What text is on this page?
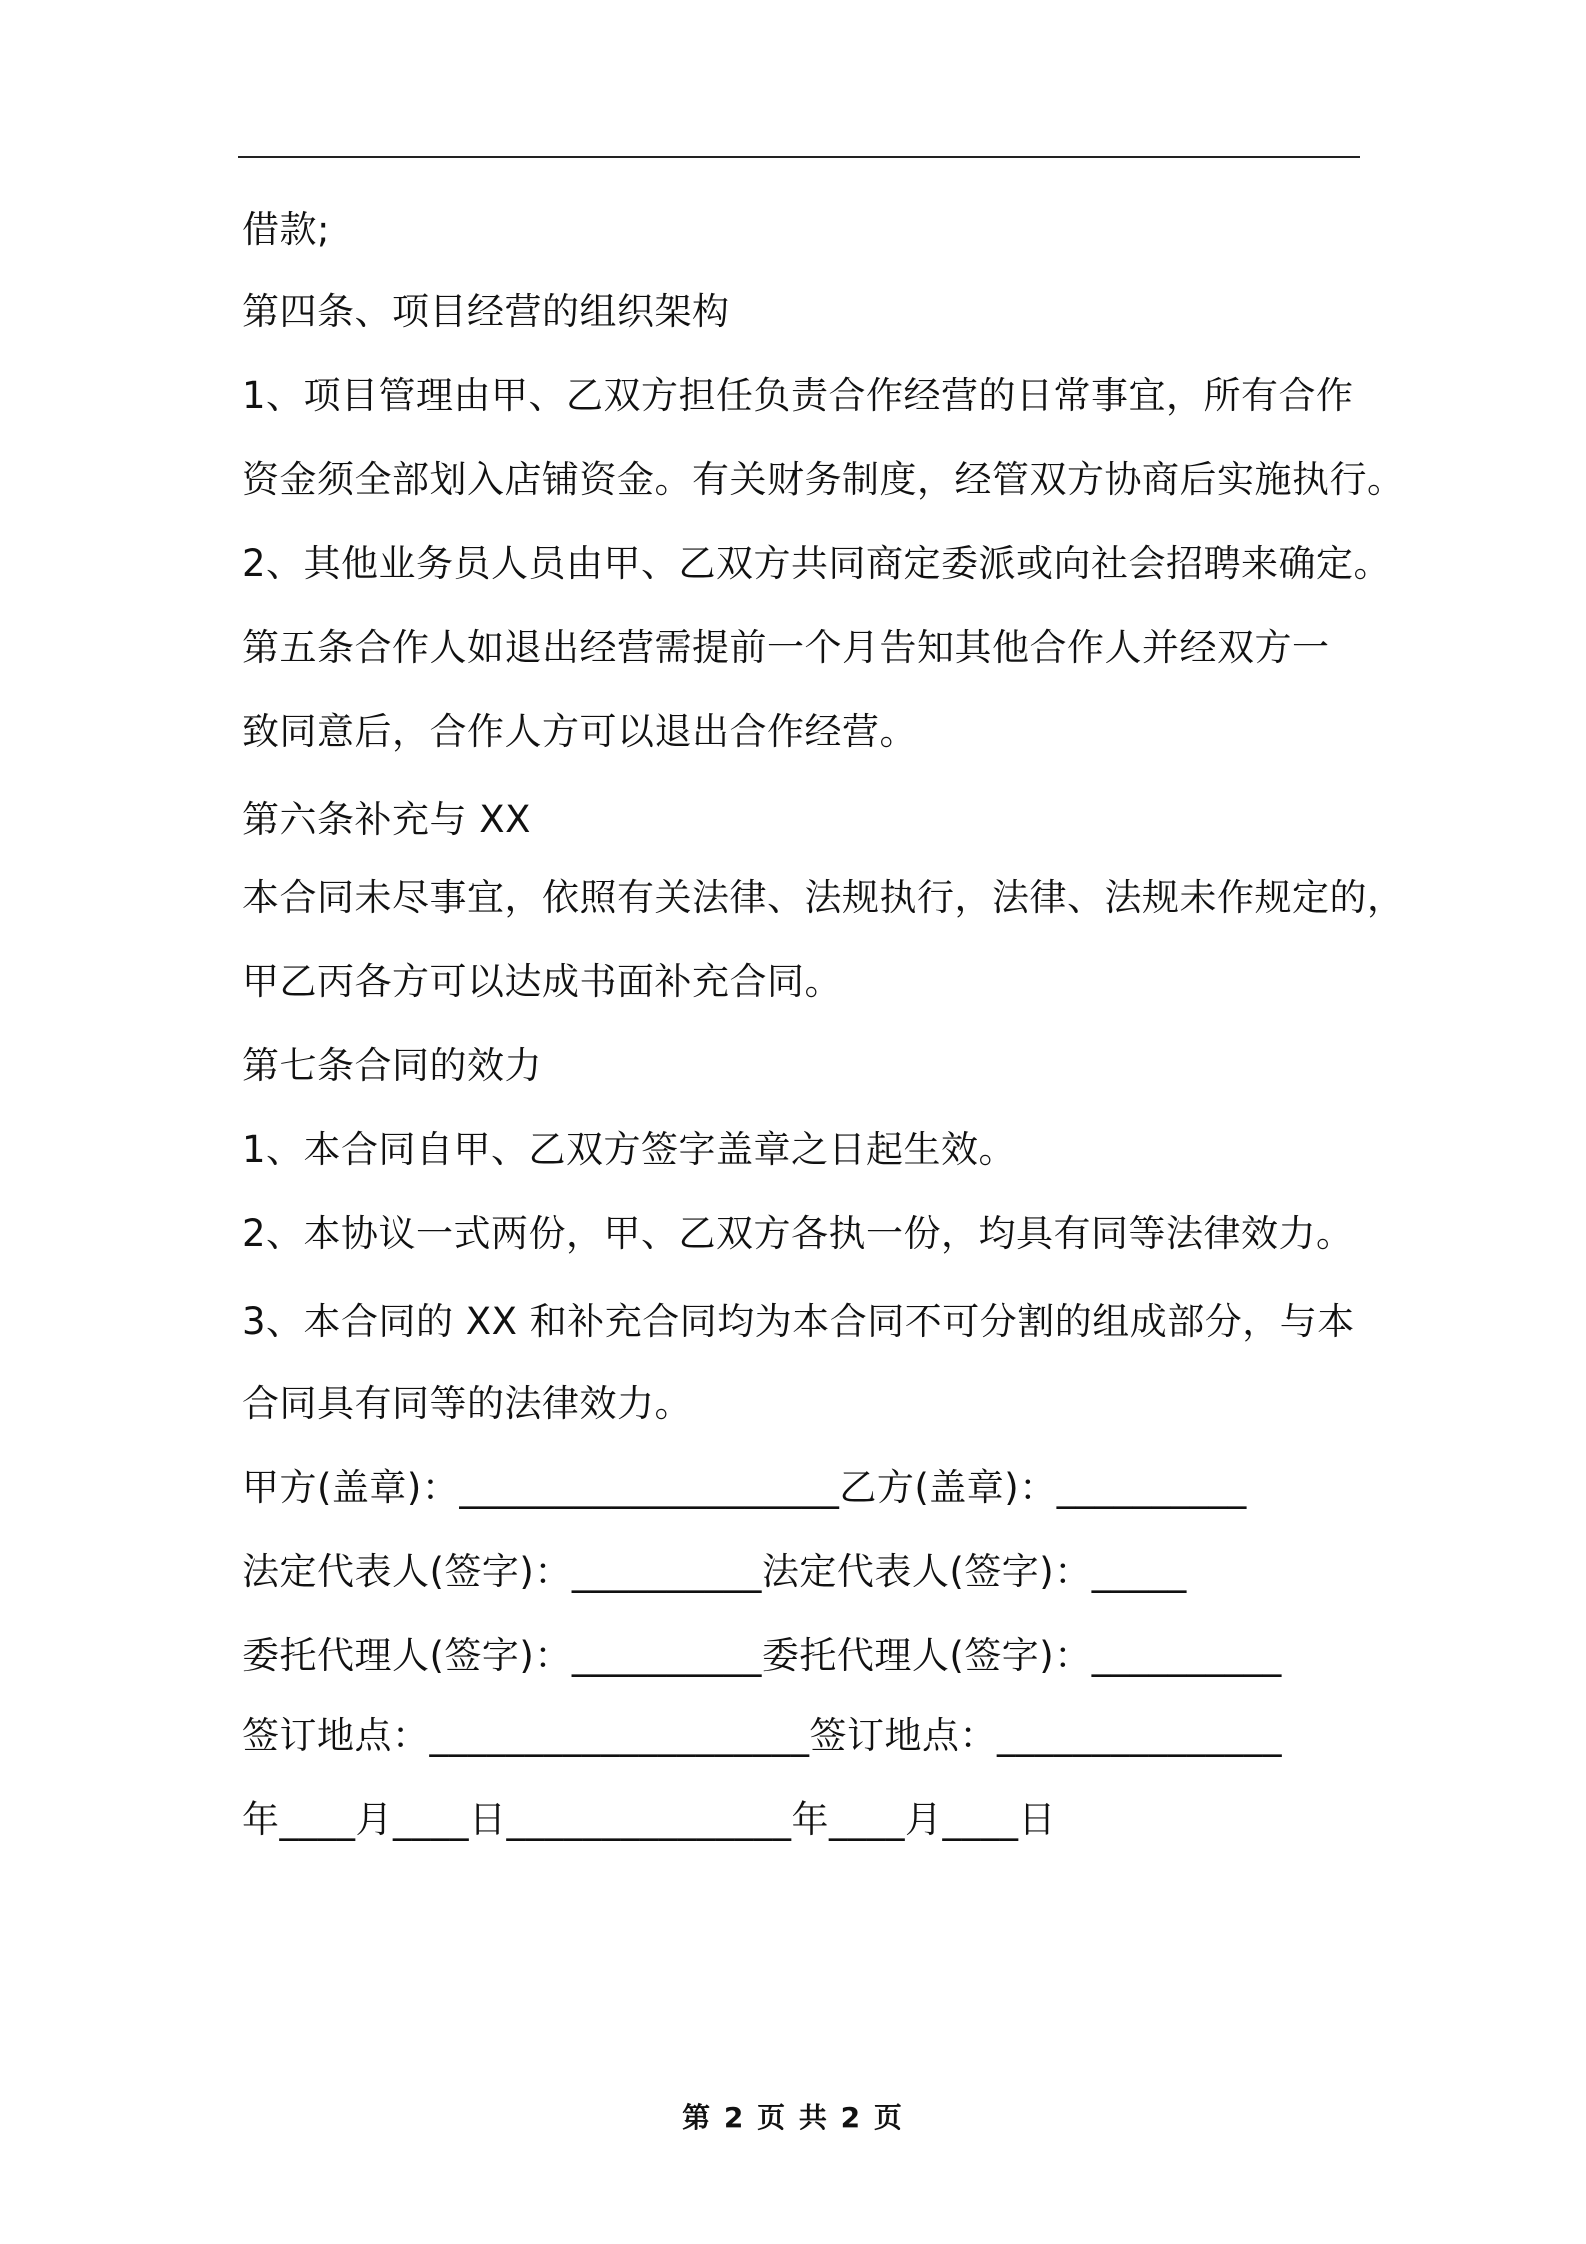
借款;
第四条、项目经营的组织架构
1、项目管理由甲、乙双方担任负责合作经营的日常事宜，所有合作
资金须全部划入店铺资金。有关财务制度，经管双方协商后实施执行。
2、其他业务员人员由甲、乙双方共同商定委派或向社会招聘来确定。
第五条合作人如退出经营需提前一个月告知其他合作人并经双方一
致同意后，合作人方可以退出合作经营。
第六条补充与 XX
本合同未尽事宜，依照有关法律、法规执行，法律、法规未作规定的，
甲乙丙各方可以达成书面补充合同。
第七条合同的效力
1、本合同自甲、乙双方签字盖章之日起生效。
2、本协议一式两份，甲、乙双方各执一份，均具有同等法律效力。
3、本合同的 XX 和补充合同均为本合同不可分割的组成部分，与本
合同具有同等的法律效力。
甲方(盖章)：____________________乙方(盖章)：__________
法定代表人(签字)：__________法定代表人(签字)：_____
委托代理人(签字)：__________委托代理人(签字)：__________
签订地点：____________________签订地点：_______________
年____月____日_______________年____月____日
第 2 页 共 2 页
